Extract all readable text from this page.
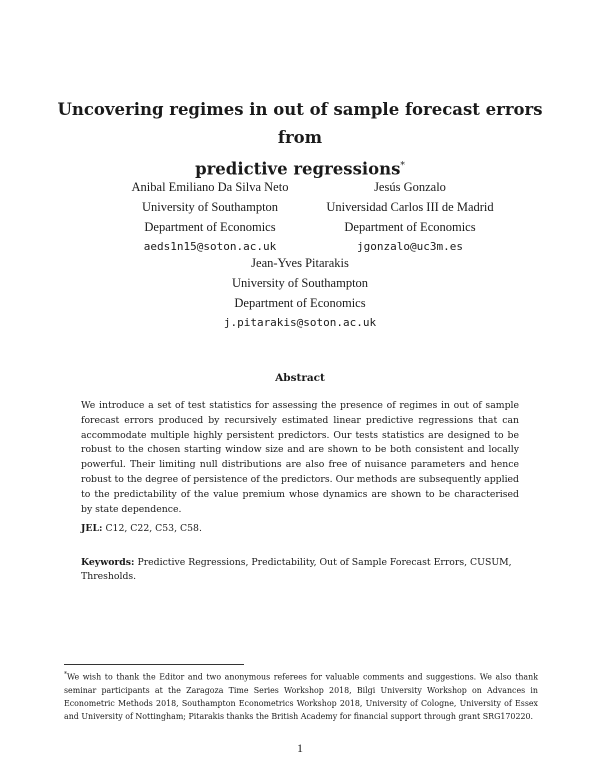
Uncovering regimes in out of sample forecast errors from
predictive regressions*
Anibal Emiliano Da Silva Neto
University of Southampton
Department of Economics
aeds1n15@soton.ac.uk
Jesús Gonzalo
Universidad Carlos III de Madrid
Department of Economics
jgonzalo@uc3m.es
Jean-Yves Pitarakis
University of Southampton
Department of Economics
j.pitarakis@soton.ac.uk
Abstract
We introduce a set of test statistics for assessing the presence of regimes in out of sample forecast errors produced by recursively estimated linear predictive regressions that can accommodate multiple highly persistent predictors. Our tests statistics are designed to be robust to the chosen starting window size and are shown to be both consistent and locally powerful. Their limiting null distributions are also free of nuisance parameters and hence robust to the degree of persistence of the predictors. Our methods are subsequently applied to the predictability of the value premium whose dynamics are shown to be characterised by state dependence.
JEL: C12, C22, C53, C58.
Keywords: Predictive Regressions, Predictability, Out of Sample Forecast Errors, CUSUM, Thresholds.
*We wish to thank the Editor and two anonymous referees for valuable comments and suggestions. We also thank seminar participants at the Zaragoza Time Series Workshop 2018, Bilgi University Workshop on Advances in Econometric Methods 2018, Southampton Econometrics Workshop 2018, University of Cologne, University of Essex and University of Nottingham; Pitarakis thanks the British Academy for financial support through grant SRG170220.
1
